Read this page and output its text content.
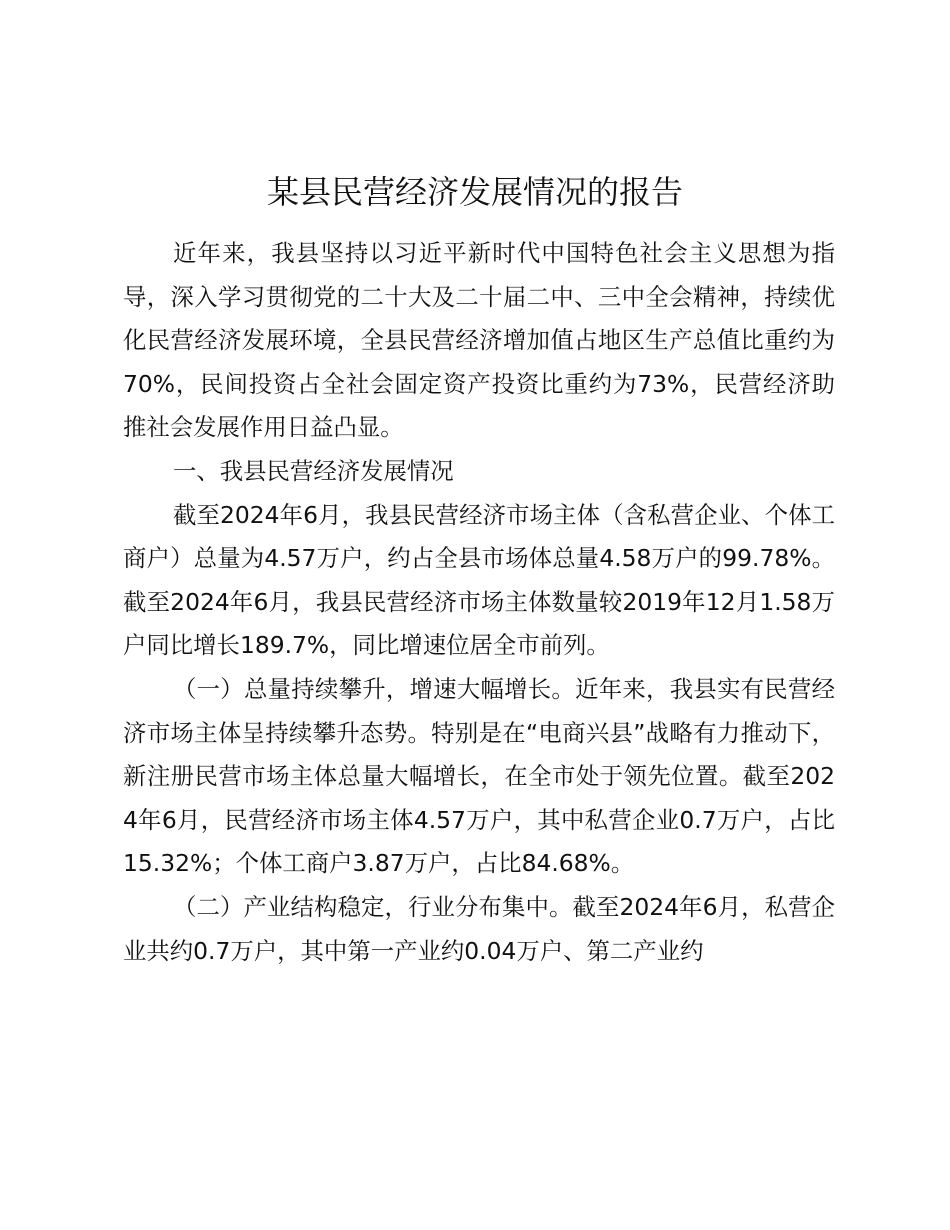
某县民营经济发展情况的报告

近年来，我县坚持以习近平新时代中国特色社会主义思想为指导，深入学习贯彻党的二十大及二十届二中、三中全会精神，持续优化民营经济发展环境，全县民营经济增加值占地区生产总值比重约为70%，民间投资占全社会固定资产投资比重约为73%，民营经济助推社会发展作用日益凸显。

一、我县民营经济发展情况

截至2024年6月，我县民营经济市场主体（含私营企业、个体工商户）总量为4.57万户，约占全县市场体总量4.58万户的99.78%。截至2024年6月，我县民营经济市场主体数量较2019年12月1.58万户同比增长189.7%，同比增速位居全市前列。

（一）总量持续攀升，增速大幅增长。近年来，我县实有民营经济市场主体呈持续攀升态势。特别是在“电商兴县”战略有力推动下，新注册民营市场主体总量大幅增长，在全市处于领先位置。截至2024年6月，民营经济市场主体4.57万户，其中私营企业0.7万户，占比15.32%；个体工商户3.87万户，占比84.68%。

（二）产业结构稳定，行业分布集中。截至2024年6月，私营企业共约0.7万户，其中第一产业约0.04万户、第二产业约
